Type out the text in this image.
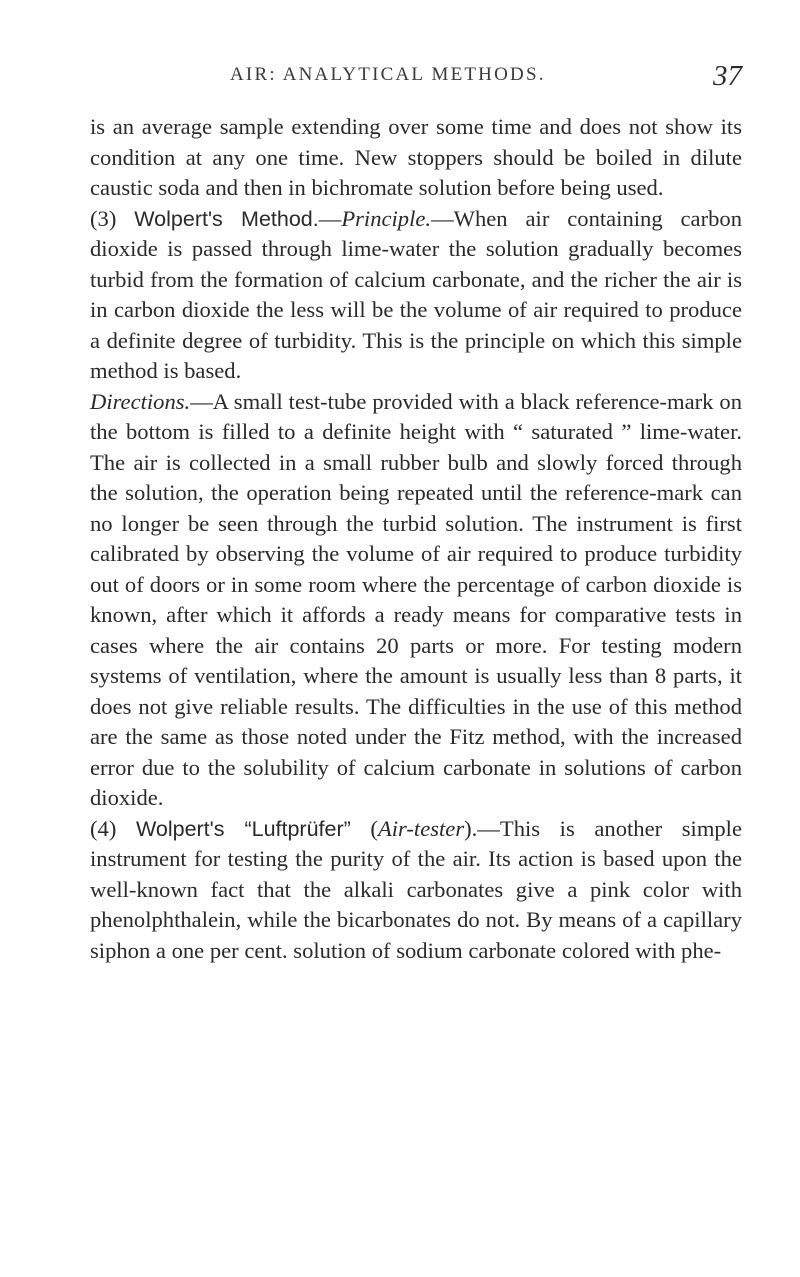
AIR: ANALYTICAL METHODS.	37

is an average sample extending over some time and does not show its condition at any one time. New stoppers should be boiled in dilute caustic soda and then in bichromate solution before being used.

(3) Wolpert's Method.—Principle.—When air containing carbon dioxide is passed through lime-water the solution gradually becomes turbid from the formation of calcium carbonate, and the richer the air is in carbon dioxide the less will be the volume of air required to produce a definite degree of turbidity. This is the principle on which this simple method is based.

Directions.—A small test-tube provided with a black reference-mark on the bottom is filled to a definite height with “ saturated ” lime-water. The air is collected in a small rubber bulb and slowly forced through the solution, the operation being repeated until the reference-mark can no longer be seen through the turbid solution. The instrument is first calibrated by observing the volume of air required to produce turbidity out of doors or in some room where the percentage of carbon dioxide is known, after which it affords a ready means for comparative tests in cases where the air contains 20 parts or more. For testing modern systems of ventilation, where the amount is usually less than 8 parts, it does not give reliable results. The difficulties in the use of this method are the same as those noted under the Fitz method, with the increased error due to the solubility of calcium carbonate in solutions of carbon dioxide.

(4) Wolpert's “Luftprüfer” (Air-tester).—This is another simple instrument for testing the purity of the air. Its action is based upon the well-known fact that the alkali carbonates give a pink color with phenolphthalein, while the bicarbonates do not. By means of a capillary siphon a one per cent. solution of sodium carbonate colored with phe-
